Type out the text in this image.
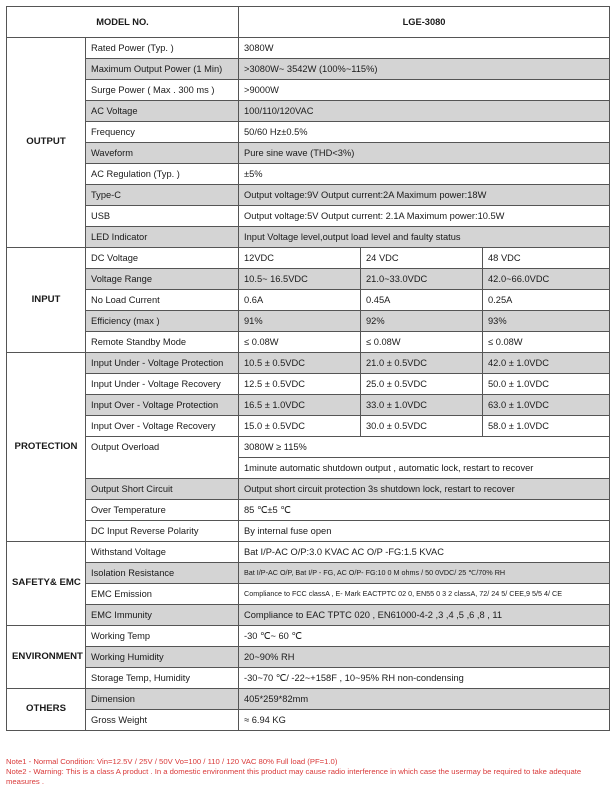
MODEL NO.		LGE-3080		
OUTPUT	Rated Power (Typ. )	3080W		
	Maximum Output Power (1 Min)	>3080W~ 3542W (100%~115%)		
	Surge Power ( Max . 300 ms )	>9000W		
	AC Voltage	100/110/120VAC		
	Frequency	50/60 Hz±0.5%		
	Waveform	Pure sine wave (THD<3%)		
	AC Regulation (Typ. )	±5%		
	Type-C	Output voltage:9V Output current:2A Maximum power:18W		
	USB	Output voltage:5V Output current: 2.1A Maximum power:10.5W		
	LED Indicator	Input Voltage level,output load level and faulty status		
INPUT	DC Voltage	12VDC	24 VDC	48 VDC
	Voltage Range	10.5~ 16.5VDC	21.0~33.0VDC	42.0~66.0VDC
	No Load Current	0.6A	0.45A	0.25A
	Efficiency (max )	91%	92%	93%
	Remote Standby Mode	≤ 0.08W	≤ 0.08W	≤ 0.08W
PROTECTION	Input Under - Voltage Protection	10.5 ± 0.5VDC	21.0 ± 0.5VDC	42.0 ± 1.0VDC
	Input Under - Voltage Recovery	12.5 ± 0.5VDC	25.0 ± 0.5VDC	50.0 ± 1.0VDC
	Input Over - Voltage Protection	16.5 ± 1.0VDC	33.0 ± 1.0VDC	63.0 ± 1.0VDC
	Input Over - Voltage Recovery	15.0 ± 0.5VDC	30.0 ± 0.5VDC	58.0 ± 1.0VDC
	Output Overload	3080W ≥ 115%		
		1minute automatic shutdown output , automatic lock, restart to recover		
	Output Short Circuit	Output short circuit protection 3s shutdown lock, restart to recover		
	Over Temperature	85 ℃±5 ℃		
	DC Input Reverse Polarity	By internal fuse open		
SAFETY& EMC	Withstand Voltage	Bat I/P-AC O/P:3.0 KVAC AC O/P -FG:1.5 KVAC		
	Isolation Resistance	Bat I/P-AC O/P, Bat I/P - FG, AC O/P- FG:10 0 M ohms / 50 0VDC/ 25 ℃/70% RH		
	EMC Emission	Compliance to FCC classA , E- Mark EACTPTC 02 0, EN55 0 3 2 classA, 72/ 24 5/ CEE,9 5/5 4/ CE		
	EMC Immunity	Compliance to EAC TPTC 020 , EN61000-4-2 ,3 ,4 ,5 ,6 ,8 , 11		
ENVIRONMENT	Working Temp	-30 ℃~ 60 ℃		
	Working Humidity	20~90% RH		
	Storage Temp, Humidity	-30~70 ℃/ -22~+158F , 10~95% RH non-condensing		
OTHERS	Dimension	405*259*82mm		
	Gross Weight	≈ 6.94 KG		
Note1 - Normal Condition: Vin=12.5V / 25V / 50V Vo=100 / 110 / 120 VAC 80% Full load (PF=1.0)
Note2 - Warning: This is a class A product . In a domestic environment this product may cause radio interference in which case the usermay be required to take adequate measures .
